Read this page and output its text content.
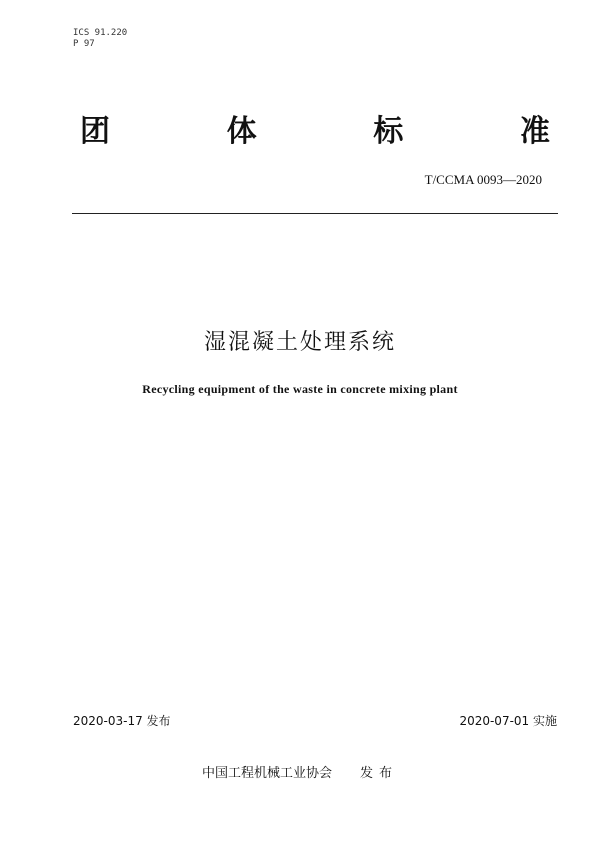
ICS 91.220
P 97
团	体	标	准
T/CCMA 0093—2020
湿混凝土处理系统
Recycling equipment of the waste in concrete mixing plant
2020-03-17 发布	2020-07-01 实施
中国工程机械工业协会 发布
